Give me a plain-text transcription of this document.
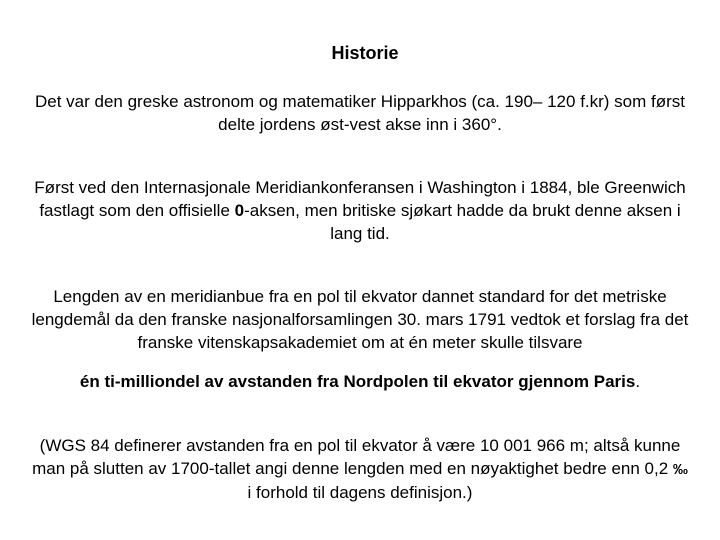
Historie
Det var den greske astronom og matematiker Hipparkhos (ca. 190– 120 f.kr) som først delte jordens øst-vest akse inn i 360°.
Først ved den Internasjonale Meridiankonferansen i Washington i 1884, ble Greenwich fastlagt som den offisielle 0-aksen, men britiske sjøkart hadde da brukt denne aksen i lang tid.
Lengden av en meridianbue fra en pol til ekvator dannet standard for det metriske lengdemål da den franske nasjonalforsamlingen 30. mars 1791 vedtok et forslag fra det franske vitenskapsakademiet om at én meter skulle tilsvare
én ti-milliondel av avstanden fra Nordpolen til ekvator gjennom Paris.
(WGS 84 definerer avstanden fra en pol til ekvator å være 10 001 966 m; altså kunne man på slutten av 1700-tallet angi denne lengden med en nøyaktighet bedre enn 0,2 ‰ i forhold til dagens definisjon.)
